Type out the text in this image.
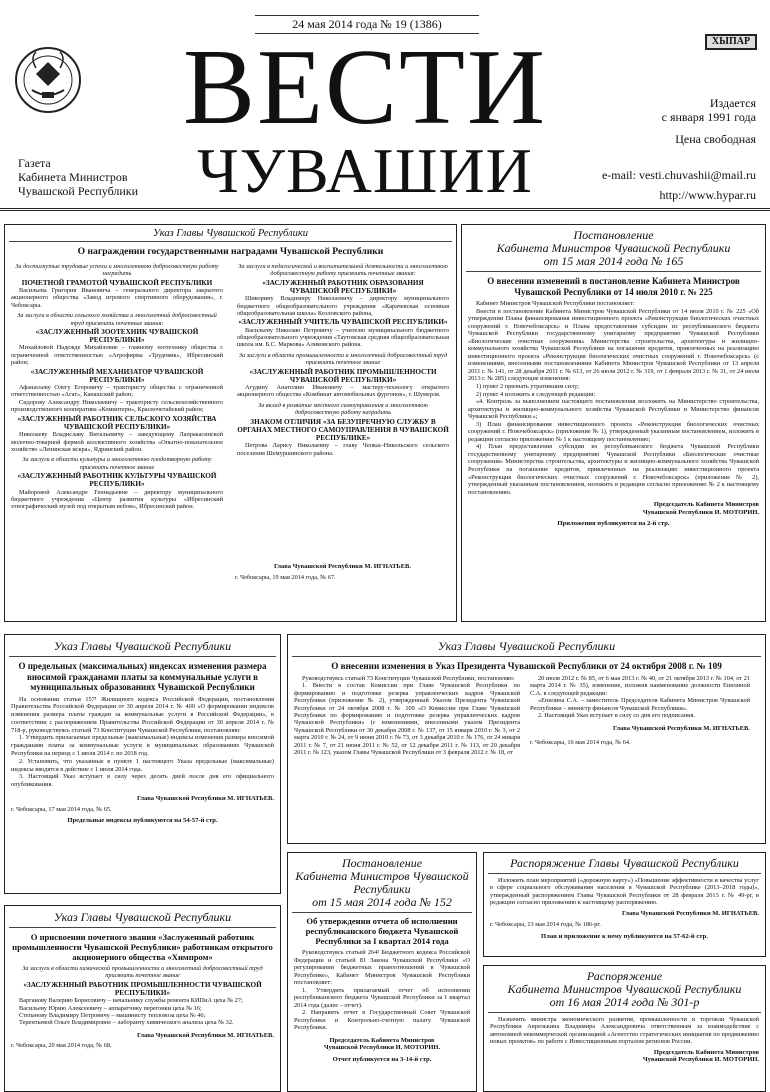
24 мая 2014 года № 19 (1386)
ВЕСТИ
ЧУВАШИИ
Газета
Кабинета Министров
Чувашской Республики
ХЫПАР
Издается
с января 1991 года
Цена свободная
e-mail: vesti.chuvashii@mail.ru
http://www.hypar.ru
Указ Главы Чувашской Республики
О награждении государственными наградами Чувашской Республики
За достигнутые трудовые успехи и многолетнюю добросовестную работу наградить
ПОЧЕТНОЙ ГРАМОТОЙ ЧУВАШСКОЙ РЕСПУБЛИКИ
Васильева Григория Ивановича – генерального директора закрытого акционерного общества «Завод игрового спортивного оборудования», г. Чебоксары.
За заслуги в области сельского хозяйства и многолетний добросовестный труд присвоить почетные звания:
«ЗАСЛУЖЕННЫЙ ЗООТЕХНИК ЧУВАШСКОЙ РЕСПУБЛИКИ»
Михайловой Надежде Михайловне – главному зоотехнику общества с ограниченной ответственностью «Агрофирма «Трудовик», Ибресинский район;
«ЗАСЛУЖЕННЫЙ МЕХАНИЗАТОР ЧУВАШСКОЙ РЕСПУБЛИКИ»
Афанасьеву Олегу Егоровичу – трактористу общества с ограниченной ответственностью «Агат», Канашский район;
Сидорову Александру Николаевичу – трактористу сельскохозяйственного производственного кооператива «Коминтерн», Красночетайский район;
«ЗАСЛУЖЕННЫЙ РАБОТНИК СЕЛЬСКОГО ХОЗЯЙСТВА ЧУВАШСКОЙ РЕСПУБЛИКИ»
Николаеву Владиславу Витальевичу – заведующему Лапракасинской молочно-товарной фермой коллективного хозяйства «Опытно-показательное хозяйство «Ленинская искра», Ядринский район.
За заслуги в области культуры и многолетнюю плодотворную работу присвоить почетное звание
«ЗАСЛУЖЕННЫЙ РАБОТНИК КУЛЬТУРЫ ЧУВАШСКОЙ РЕСПУБЛИКИ»
Майоровой Александре Геннадьевне – директору муниципального бюджетного учреждения «Центр развития культуры «Ибресинский этнографический музей под открытым небом», Ибресинский район.
За заслуги в педагогической и воспитательной деятельности и многолетнюю добросовестную работу присвоить почетные звания:
«ЗАСЛУЖЕННЫЙ РАБОТНИК ОБРАЗОВАНИЯ ЧУВАШСКОЙ РЕСПУБЛИКИ»
Шикорину Владимиру Николаевичу – директору муниципального бюджетного общеобразовательного учреждения «Карачевская основная общеобразовательная школа» Козловского района,
«ЗАСЛУЖЕННЫЙ УЧИТЕЛЬ ЧУВАШСКОЙ РЕСПУБЛИКИ»
Васильеву Николаю Петровичу – учителю муниципального бюджетного общеобразовательного учреждения «Таутовская средняя общеобразовательная школа им. Б.С. Маркова» Аликовского района.
За заслуги в области промышленности и многолетний добросовестный труд присвоить почетное звание
«ЗАСЛУЖЕННЫЙ РАБОТНИК ПРОМЫШЛЕННОСТИ ЧУВАШСКОЙ РЕСПУБЛИКИ»
Агудину Анатолию Ивановичу – мастеру-технологу открытого акционерного общества «Комбинат автомобильных фургонов», г. Шумерля.
За вклад в развитие местного самоуправления и многолетнюю добросовестную работу наградить
ЗНАКОМ ОТЛИЧИЯ «ЗА БЕЗУПРЕЧНУЮ СЛУЖБУ В ОРГАНАХ МЕСТНОГО САМОУПРАВЛЕНИЯ В ЧУВАШСКОЙ РЕСПУБЛИКЕ»
Петрова Ларису Николаевну – главу Чепкас-Никольского сельского поселения Шемуршинского района.
Глава Чувашской Республики М. ИГНАТЬЕВ.
г. Чебоксары, 19 мая 2014 года, № 67.
Постановление
Кабинета Министров Чувашской Республики
от 15 мая 2014 года № 165
О внесении изменений в постановление Кабинета Министров Чувашской Республики от 14 июля 2010 г. № 225

Кабинет Министров Чувашской Республики постановляет:

Внести в постановление Кабинета Министров Чувашской Республики от 14 июля 2010 г. № 225 «Об утверждении Плана финансирования инвестиционного проекта «Реконструкция биологических очистных сооружений г. Новочебоксарск» и Плана предоставления субсидии из республиканского бюджета Чувашской Республики государственному унитарному предприятию Чувашской Республики «Биологические очистные сооружения» Министерства строительства, архитектуры и жилищно-коммунального хозяйства Чувашской Республики на погашение кредитов, привлеченных на реализацию инвестиционного проекта «Реконструкция биологических очистных сооружений г. Новочебоксарск» (с изменениями, внесенными постановлениями Кабинета Министров Чувашской Республики от 13 апреля 2011 г. № 141, от 28 декабря 2011 г. № 613, от 26 июля 2012 г. № 319, от 1 февраля 2013 г. № 31, от 24 июля 2013 г. № 285) следующие изменения:

1) пункт 2 признать утратившим силу;

2) пункт 4 изложить в следующей редакции:

«4. Контроль за выполнением настоящего постановления возложить на Министерство строительства, архитектуры и жилищно-коммунального хозяйства Чувашской Республики и Министерство финансов Чувашской Республики.»;

3) План финансирования инвестиционного проекта «Реконструкция биологических очистных сооружений г. Новочебоксарск» (приложение № 1), утвержденный указанным постановлением, изложить в редакции согласно приложению № 1 к настоящему постановлению;

4) План предоставления субсидии из республиканского бюджета Чувашской Республики государственному унитарному предприятию Чувашской Республики «Биологические очистные сооружения» Министерства строительства, архитектуры и жилищно-коммунального хозяйства Чувашской Республики на погашение кредитов, привлеченных на реализацию инвестиционного проекта «Реконструкция биологических очистных сооружений г. Новочебоксарск» (приложение № 2), утвержденный указанным постановлением, изложить в редакции согласно приложению № 2 к настоящему постановлению.

Председатель Кабинета Министров
Чувашской Республики И. МОТОРИН.
Приложения публикуются на 2-й стр.
Указ Главы Чувашской Республики
О предельных (максимальных) индексах изменения размера вносимой гражданами платы за коммунальные услуги в муниципальных образованиях Чувашской Республики

На основании статьи 157¹ Жилищного кодекса Российской Федерации, постановления Правительства Российской Федерации от 30 апреля 2014 г. № 400 «О формировании индексов изменения размера платы граждан за коммунальные услуги в Российской Федерации», в соответствии с распоряжением Правительства Российской Федерации от 30 апреля 2014 г. № 718-р, руководствуясь статьей 73 Конституции Чувашской Республики, постановляю:

1. Утвердить прилагаемые предельные (максимальные) индексы изменения размера вносимой гражданами платы за коммунальные услуги в муниципальных образованиях Чувашской Республики на период с 1 июля 2014 г. по 2018 год.

2. Установить, что указанные в пункте 1 настоящего Указа предельные (максимальные) индексы вводятся в действие с 1 июля 2014 года.

3. Настоящий Указ вступает в силу через десять дней после дня его официального опубликования.

Глава Чувашской Республики М. ИГНАТЬЕВ.
г. Чебоксары, 17 мая 2014 года, № 65.
Предельные индексы публикуются на 54-57-й стр.
Указ Главы Чувашской Республики
О внесении изменения в Указ Президента Чувашской Республики от 24 октября 2008 г. № 109

Руководствуясь статьей 73 Конституции Чувашской Республики, постановляю:

1. Внести в состав Комиссии при Главе Чувашской Республики по формированию и подготовке резерва управленческих кадров Чувашской Республики (приложение № 2), утвержденный Указом Президента Чувашской Республики от 24 октября 2008 г. № 109 «О Комиссии при Главе Чувашской Республики по формированию и подготовке резерва управленческих кадров Чувашской Республики» (с изменениями, внесенными указом Президента Чувашской Республики от 30 декабря 2008 г. № 137, от 15 января 2010 г. № 3, от 2 марта 2010 г. № 24, от 9 июня 2010 г. № 73, от 3 декабря 2010 г. № 176, от 24 января 2011 г. № 7, от 21 июня 2011 г. № 52, от 12 декабря 2011 г. № 113, от 20 декабря 2011 г. № 123, указом Главы Чувашской Республики от 3 февраля 2012 г. № 18, от

20 июля 2012 г. № 85, от 6 мая 2013 г. № 40, от 21 октября 2013 г. № 104, от 21 марта 2014 г. № 35), изменение, изложив наименование должности Енилиной С.А. в следующей редакции:

«Енилина С.А. – заместитель Председателя Кабинета Министров Чувашской Республики – министр финансов Чувашской Республики».

2. Настоящий Указ вступает в силу со дня его подписания.

Глава Чувашской Республики М. ИГНАТЬЕВ.
г. Чебоксары, 16 мая 2014 года, № 64.
Постановление
Кабинета Министров Чувашской Республики
от 15 мая 2014 года № 152
Об утверждении отчета об исполнении республиканского бюджета Чувашской Республики за I квартал 2014 года

Руководствуясь статьей 264² Бюджетного кодекса Российской Федерации и статьей 81 Закона Чувашской Республики «О регулировании бюджетных правоотношений в Чувашской Республике», Кабинет Министров Чувашской Республики постановляет:

1. Утвердить прилагаемый отчет об исполнении республиканского бюджета Чувашской Республики за I квартал 2014 года (далее – отчет).

2. Направить отчет в Государственный Совет Чувашской Республики и Контрольно-счетную палату Чувашской Республики.

Председатель Кабинета Министров
Чувашской Республики И. МОТОРИН.
Отчет публикуется на 3-14-й стр.
Распоряжение Главы Чувашской Республики

Изложить план мероприятий («дорожную карту») «Повышение эффективности и качества услуг в сфере социального обслуживания населения в Чувашской Республике (2013–2018 годы)», утвержденный распоряжением Главы Чувашской Республики от 28 февраля 2013 г. № 49-рг, в редакции согласно приложению к настоящему распоряжению.

Глава Чувашской Республики М. ИГНАТЬЕВ.
г. Чебоксары, 13 мая 2014 года, № 186-рг.
План и приложение к нему публикуются на 57-62-й стр.
Указ Главы Чувашской Республики
О присвоении почетного звания «Заслуженный работник промышленности Чувашской Республики» работникам открытого акционерного общества «Химпром»
За заслуги в области химической промышленности и многолетний добросовестный труд присвоить почетное звание
«ЗАСЛУЖЕННЫЙ РАБОТНИК ПРОМЫШЛЕННОСТИ ЧУВАШСКОЙ РЕСПУБЛИКИ»
Варганову Валерию Борисовичу – начальнику службы ремонта КИПиА цеха № 27;
Васильеву Юрию Алексеевичу – аппаратчику перегонки цеха № 16;
Степанову Владимиру Петровичу – машинисту тепловоза цеха № 46;
Терентьевой Ольге Владимировне – лаборанту химического анализа цеха № 32.
Глава Чувашской Республики М. ИГНАТЬЕВ.
г. Чебоксары, 20 мая 2014 года, № 68.
Распоряжение
Кабинета Министров Чувашской Республики
от 16 мая 2014 года № 301-р

Назначить министра экономического развития, промышленности и торговли Чувашской Республики Аврелькина Владимира Александровича ответственным за взаимодействие с автономной некоммерческой организацией «Агентство стратегических инициатив по продвижению новых проектов» по работе с Инвестиционным порталом регионов России.

Председатель Кабинета Министров
Чувашской Республики И. МОТОРИН.
